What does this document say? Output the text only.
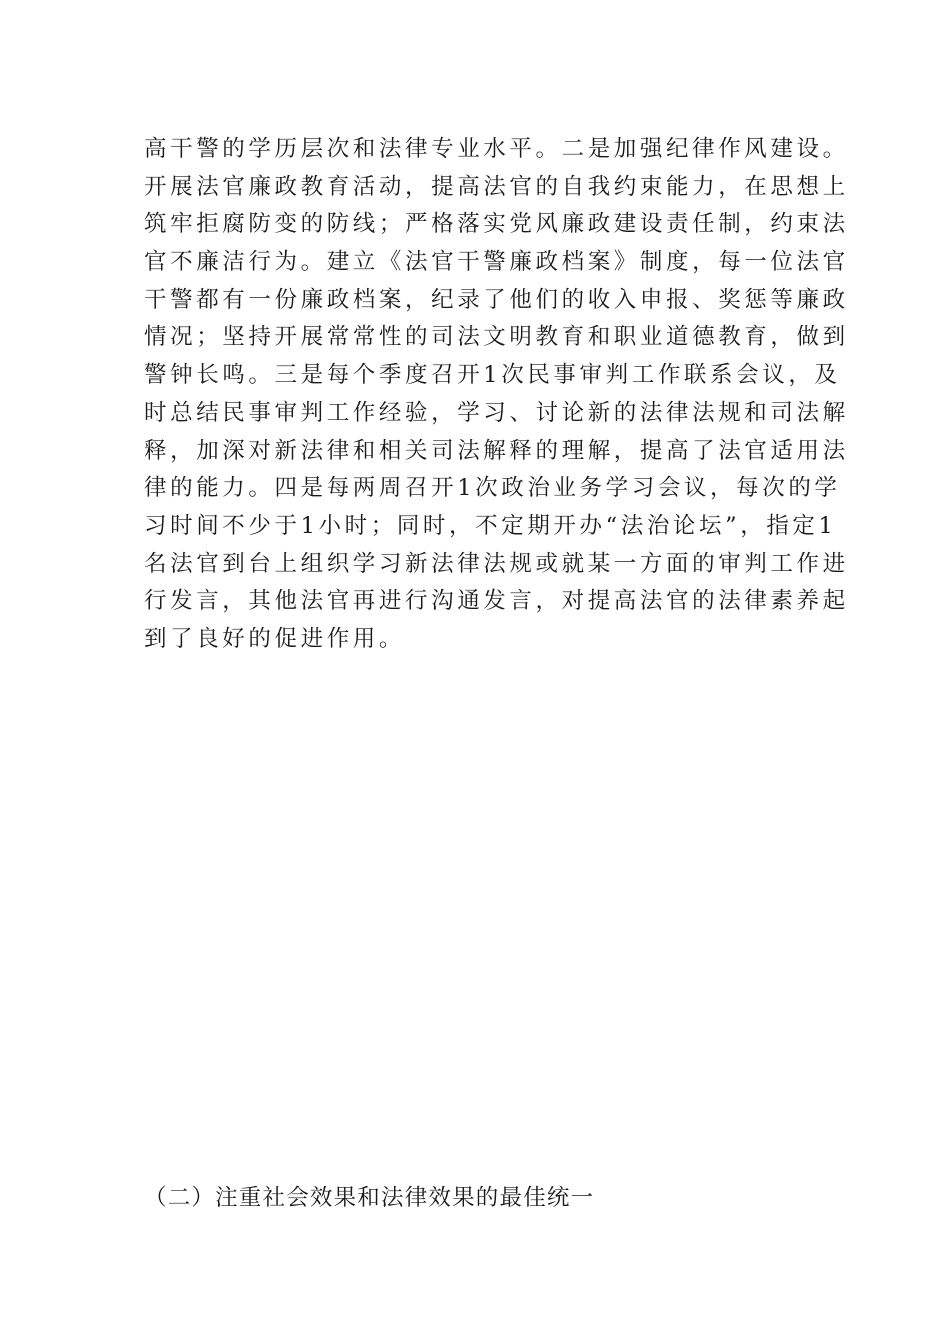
高干警的学历层次和法律专业水平。二是加强纪律作风建设。
开展法官廉政教育活动，提高法官的自我约束能力，在思想上
筑牢拒腐防变的防线；严格落实党风廉政建设责任制，约束法
官不廉洁行为。建立《法官干警廉政档案》制度，每一位法官
干警都有一份廉政档案，纪录了他们的收入申报、奖惩等廉政
情况；坚持开展常常性的司法文明教育和职业道德教育，做到
警钟长鸣。三是每个季度召开1次民事审判工作联系会议，及
时总结民事审判工作经验，学习、讨论新的法律法规和司法解
释，加深对新法律和相关司法解释的理解，提高了法官适用法
律的能力。四是每两周召开1次政治业务学习会议，每次的学
习时间不少于1小时；同时，不定期开办“法治论坛”，指定1
名法官到台上组织学习新法律法规或就某一方面的审判工作进
行发言，其他法官再进行沟通发言，对提高法官的法律素养起
到了良好的促进作用。
（二）注重社会效果和法律效果的最佳统一
